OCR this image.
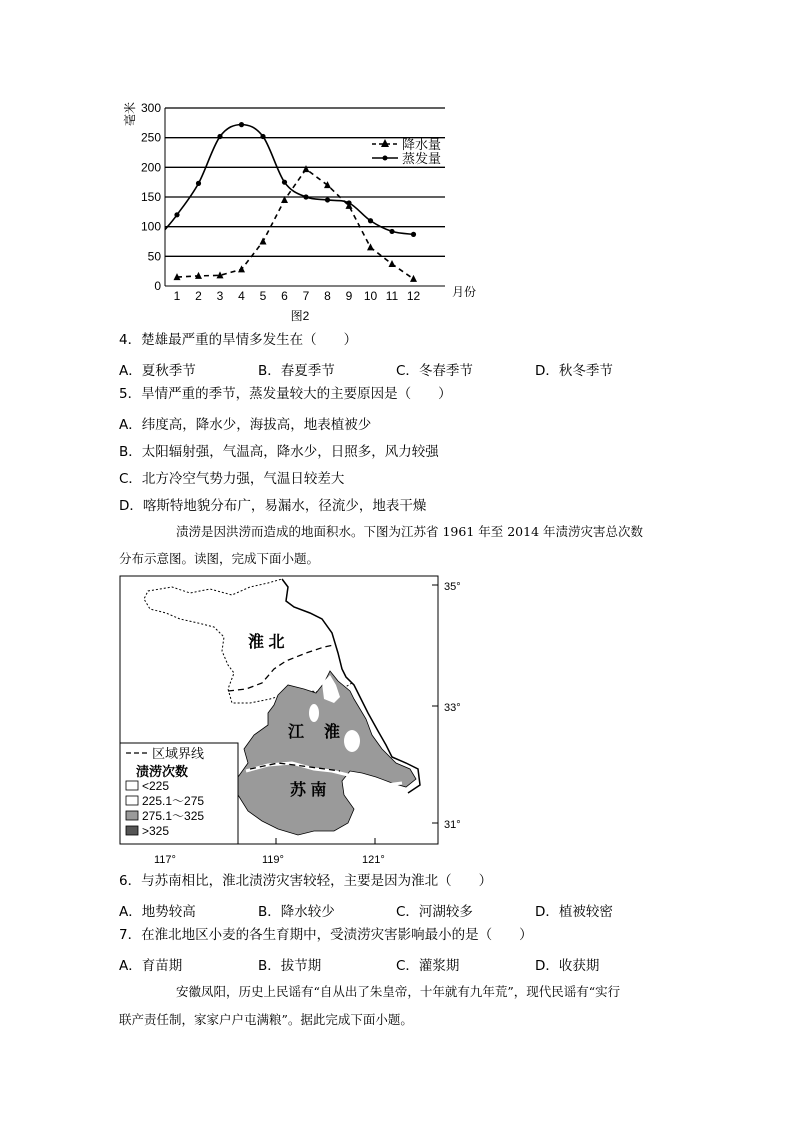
0
50
100
150
200
250
300
1 2 3 4 5 6 7 8 9 10 11 12
毫米
月份
降水量
蒸发量
图2
4．楚雄最严重的旱情多发生在（　　）
A．夏秋季节	B．春夏季节	C．冬春季节	D．秋冬季节
5．旱情严重的季节，蒸发量较大的主要原因是（　　）
A．纬度高，降水少，海拔高，地表植被少
B．太阳辐射强，气温高，降水少，日照多，风力较强
C．北方冷空气势力强，气温日较差大
D．喀斯特地貌分布广，易漏水，径流少，地表干燥
渍涝是因洪涝而造成的地面积水。下图为江苏省 1961 年至 2014 年渍涝灾害总次数
分布示意图。读图，完成下面小题。
淮 北
江 淮
苏 南
35°
33°
31°
117°	119°	121°
区域界线
渍涝次数
<225
225.1～275
275.1～325
>325
6．与苏南相比，淮北渍涝灾害较轻，主要是因为淮北（　　）
A．地势较高	B．降水较少	C．河湖较多	D．植被较密
7．在淮北地区小麦的各生育期中，受渍涝灾害影响最小的是（　　）
A．育苗期	B．拔节期	C．灌浆期	D．收获期
安徽凤阳，历史上民谣有“自从出了朱皇帝，十年就有九年荒”，现代民谣有“实行
联产责任制，家家户户屯满粮”。据此完成下面小题。
